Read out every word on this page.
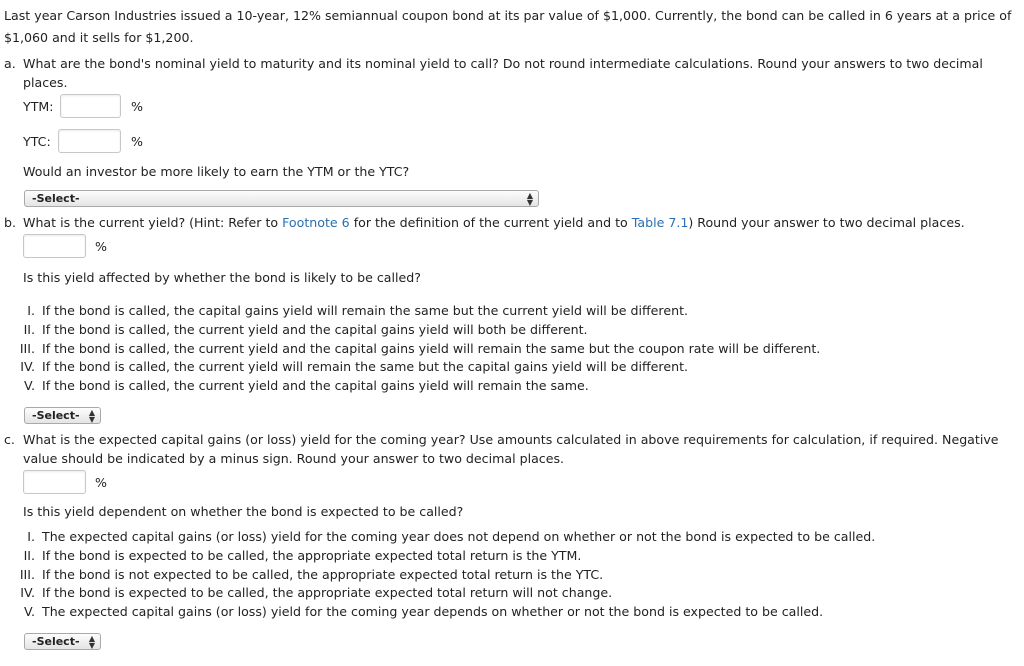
Last year Carson Industries issued a 10-year, 12% semiannual coupon bond at its par value of $1,000. Currently, the bond can be called in 6 years at a price of
$1,060 and it sells for $1,200.
a. What are the bond's nominal yield to maturity and its nominal yield to call? Do not round intermediate calculations. Round your answers to two decimal
places.
YTM:	%
YTC:	%
Would an investor be more likely to earn the YTM or the YTC?
-Select-	▲
▼
b. What is the current yield? (Hint: Refer to Footnote 6 for the definition of the current yield and to Table 7.1) Round your answer to two decimal places.
%
Is this yield affected by whether the bond is likely to be called?
I. If the bond is called, the capital gains yield will remain the same but the current yield will be different.
II. If the bond is called, the current yield and the capital gains yield will both be different.
III. If the bond is called, the current yield and the capital gains yield will remain the same but the coupon rate will be different.
IV. If the bond is called, the current yield will remain the same but the capital gains yield will be different.
V. If the bond is called, the current yield and the capital gains yield will remain the same.
-Select- ▲
▼
c. What is the expected capital gains (or loss) yield for the coming year? Use amounts calculated in above requirements for calculation, if required. Negative
value should be indicated by a minus sign. Round your answer to two decimal places.
%
Is this yield dependent on whether the bond is expected to be called?
I. The expected capital gains (or loss) yield for the coming year does not depend on whether or not the bond is expected to be called.
II. If the bond is expected to be called, the appropriate expected total return is the YTM.
III. If the bond is not expected to be called, the appropriate expected total return is the YTC.
IV. If the bond is expected to be called, the appropriate expected total return will not change.
V. The expected capital gains (or loss) yield for the coming year depends on whether or not the bond is expected to be called.
-Select- ▲
▼
